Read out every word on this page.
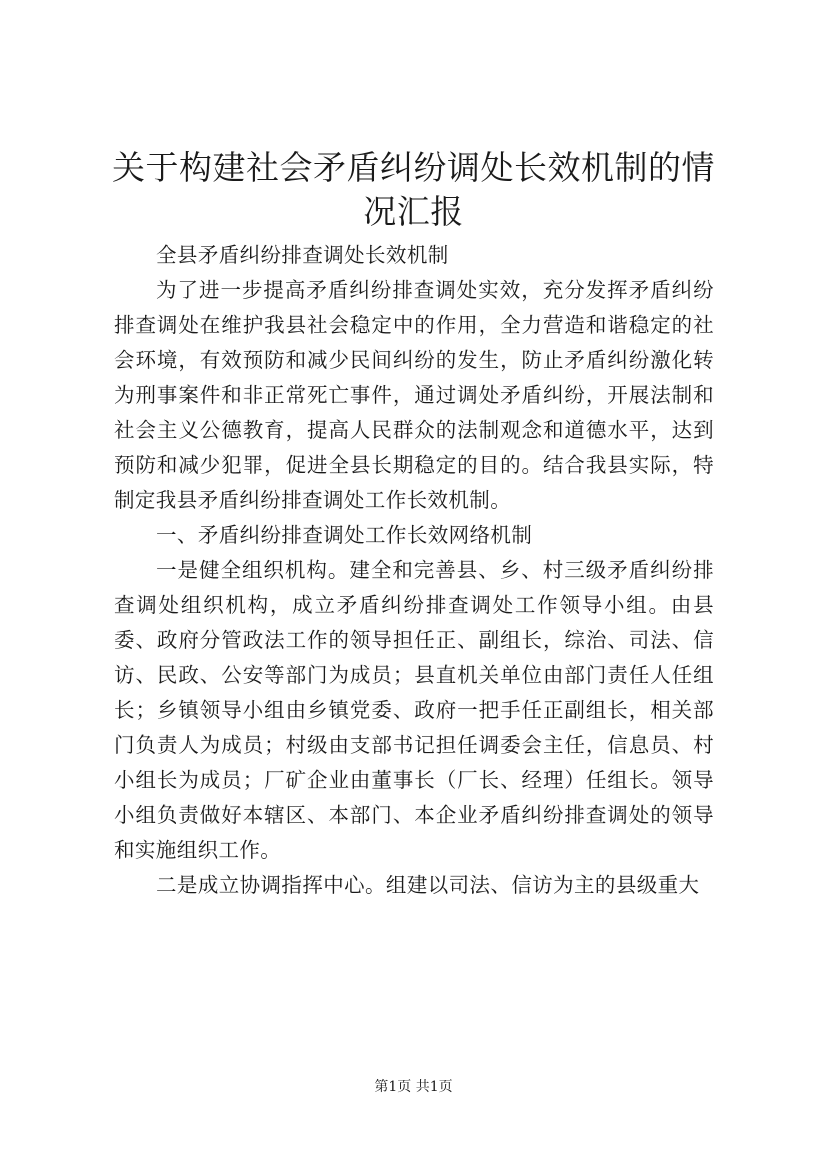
关于构建社会矛盾纠纷调处长效机制的情况汇报

全县矛盾纠纷排查调处长效机制

为了进一步提高矛盾纠纷排查调处实效，充分发挥矛盾纠纷排查调处在维护我县社会稳定中的作用，全力营造和谐稳定的社会环境，有效预防和减少民间纠纷的发生，防止矛盾纠纷激化转为刑事案件和非正常死亡事件，通过调处矛盾纠纷，开展法制和社会主义公德教育，提高人民群众的法制观念和道德水平，达到预防和减少犯罪，促进全县长期稳定的目的。结合我县实际，特制定我县矛盾纠纷排查调处工作长效机制。

一、矛盾纠纷排查调处工作长效网络机制

一是健全组织机构。建全和完善县、乡、村三级矛盾纠纷排查调处组织机构，成立矛盾纠纷排查调处工作领导小组。由县委、政府分管政法工作的领导担任正、副组长，综治、司法、信访、民政、公安等部门为成员；县直机关单位由部门责任人任组长；乡镇领导小组由乡镇党委、政府一把手任正副组长，相关部门负责人为成员；村级由支部书记担任调委会主任，信息员、村小组长为成员；厂矿企业由董事长（厂长、经理）任组长。领导小组负责做好本辖区、本部门、本企业矛盾纠纷排查调处的领导和实施组织工作。

二是成立协调指挥中心。组建以司法、信访为主的县级重大

第1页 共1页
